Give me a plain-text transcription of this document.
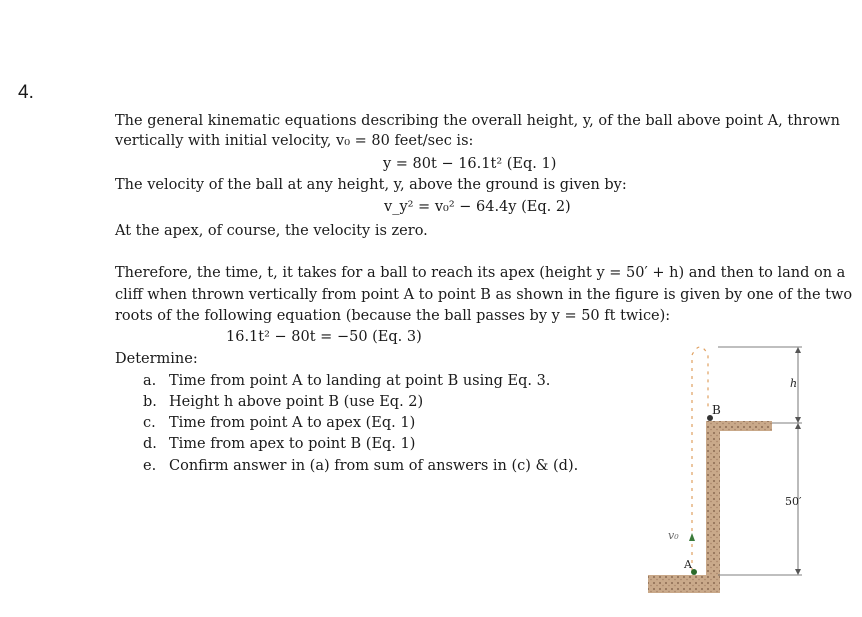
4.
The general kinematic equations describing the overall height, y, of the ball above point A, thrown
vertically with initial velocity, v₀ = 80 feet/sec is:
y = 80t − 16.1t² (Eq. 1)
The velocity of the ball at any height, y, above the ground is given by:
v_y² = v₀² − 64.4y (Eq. 2)
At the apex, of course, the velocity is zero.
Therefore, the time, t, it takes for a ball to reach its apex (height y = 50′ + h) and then to land on a
cliff when thrown vertically from point A to point B as shown in the figure is given by one of the two
roots of the following equation (because the ball passes by y = 50 ft twice):
16.1t² − 80t = −50 (Eq. 3)
Determine:
a. Time from point A to landing at point B using Eq. 3.
b. Height h above point B (use Eq. 2)
c. Time from point A to apex (Eq. 1)
d. Time from apex to point B (Eq. 1)
e. Confirm answer in (a) from sum of answers in (c) & (d).
B
h
50′
v₀
A
